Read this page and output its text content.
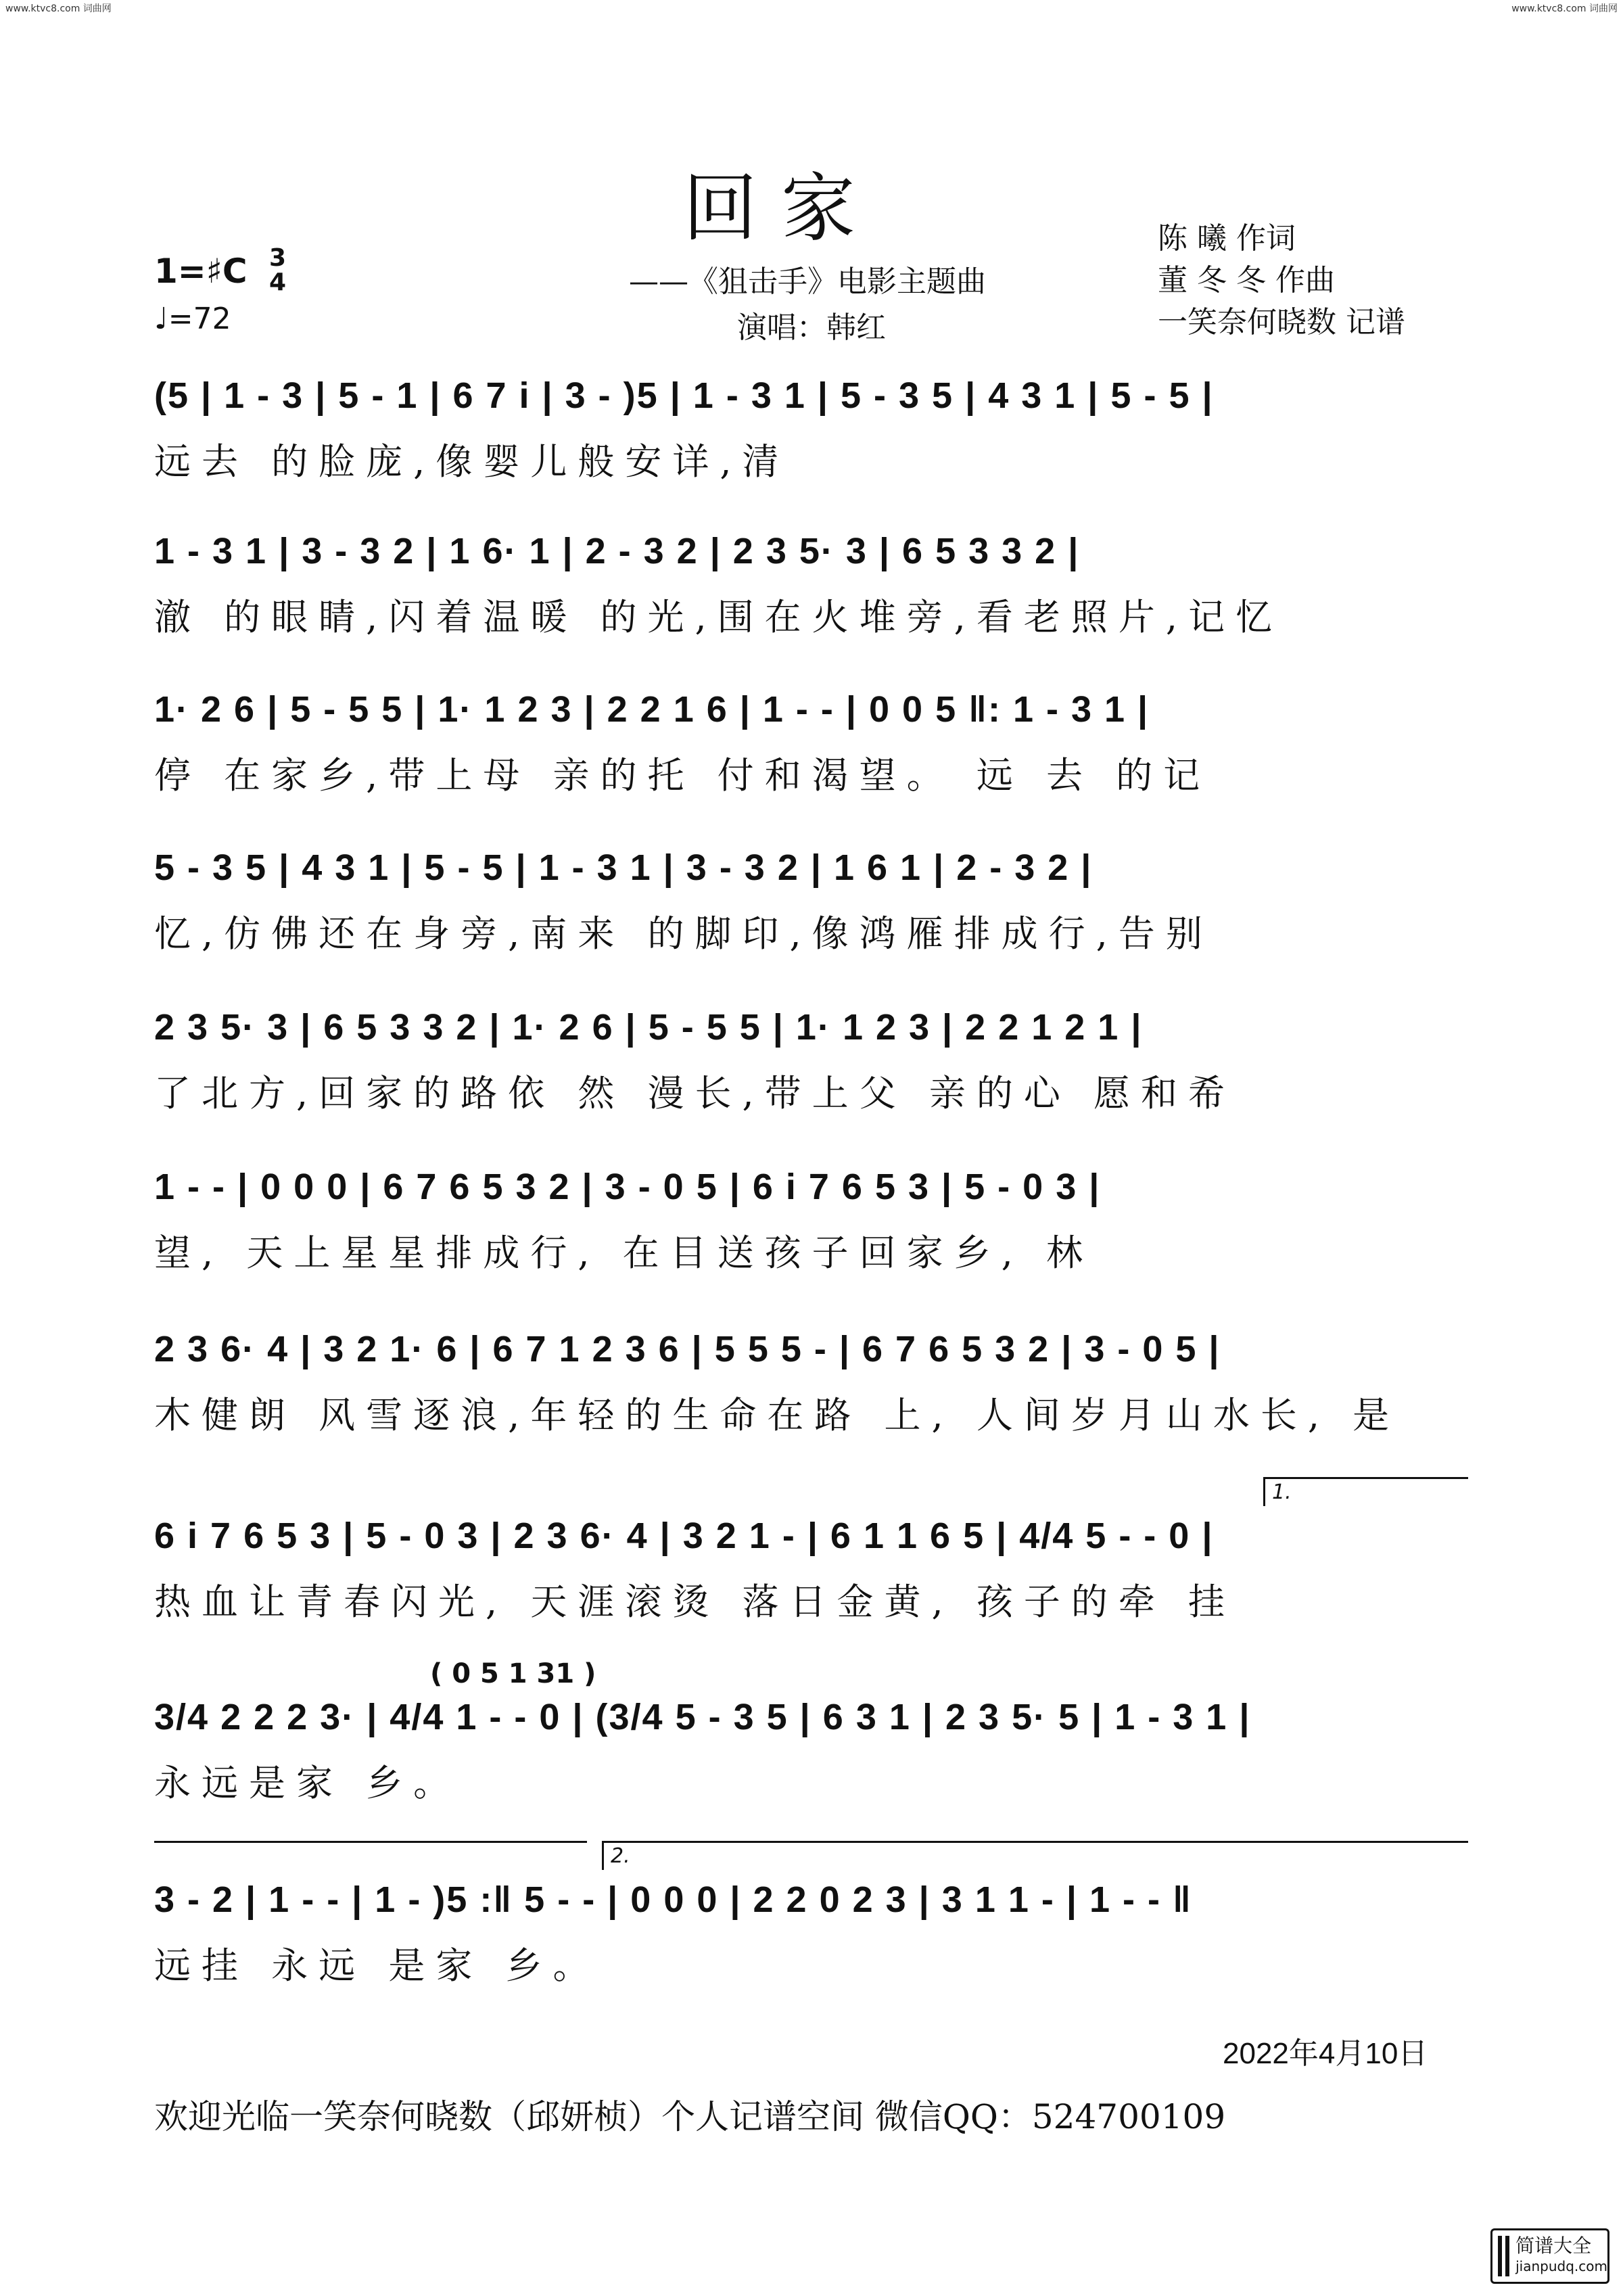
www.ktvc8.com 词曲网	www.ktvc8.com 词曲网
回 家
1=♯C 3
4
♩=72
——《狙击手》电影主题曲
演唱：韩红
陈 曦 作词
董 冬 冬 作曲
一笑奈何晓数 记谱
(5 | 1 - 3 | 5 - 1 | 6 7 i | 3 - )5 | 1 - 3 1 | 5 - 3 5 | 4 3 1 | 5 - 5 |
远去 的脸庞,像婴儿般安详,清
1 - 3 1 | 3 - 3 2 | 1 6· 1 | 2 - 3 2 | 2 3 5· 3 | 6 5 3 3 2 |
澈 的眼睛,闪着温暖 的光,围在火堆旁,看老照片,记忆
1· 2 6 | 5 - 5 5 | 1· 1 2 3 | 2 2 1 6 | 1 - - | 0 0 5 ‖: 1 - 3 1 |
停 在家乡,带上母 亲的托 付和渴望。 远 去 的记
5 - 3 5 | 4 3 1 | 5 - 5 | 1 - 3 1 | 3 - 3 2 | 1 6 1 | 2 - 3 2 |
忆,仿佛还在身旁,南来 的脚印,像鸿雁排成行,告别
2 3 5· 3 | 6 5 3 3 2 | 1· 2 6 | 5 - 5 5 | 1· 1 2 3 | 2 2 1 2 1 |
了北方,回家的路依 然 漫长,带上父 亲的心 愿和希
1 - - | 0 0 0 | 6 7 6 5 3 2 | 3 - 0 5 | 6 i 7 6 5 3 | 5 - 0 3 |
望, 天上星星排成行, 在目送孩子回家乡, 林
2 3 6· 4 | 3 2 1· 6 | 6 7 1 2 3 6 | 5 5 5 - | 6 7 6 5 3 2 | 3 - 0 5 |
木健朗 风雪逐浪,年轻的生命在路 上, 人间岁月山水长, 是
1.
6 i 7 6 5 3 | 5 - 0 3 | 2 3 6· 4 | 3 2 1 - | 6 1 1 6 5 | 4/4 5 - - 0 |
热血让青春闪光, 天涯滚烫 落日金黄, 孩子的牵 挂
( 0 5 1 31 )
3/4 2 2 2 3· | 4/4 1 - - 0 | (3/4 5 - 3 5 | 6 3 1 | 2 3 5· 5 | 1 - 3 1 |
永远是家 乡。
2.
3 - 2 | 1 - - | 1 - )5 :‖ 5 - - | 0 0 0 | 2 2 0 2 3 | 3 1 1 - | 1 - - ‖
远挂 永远 是家 乡。
2022年4月10日
欢迎光临一笑奈何晓数（邱妍桢）个人记谱空间 微信QQ：524700109
简谱大全
jianpudq.com
